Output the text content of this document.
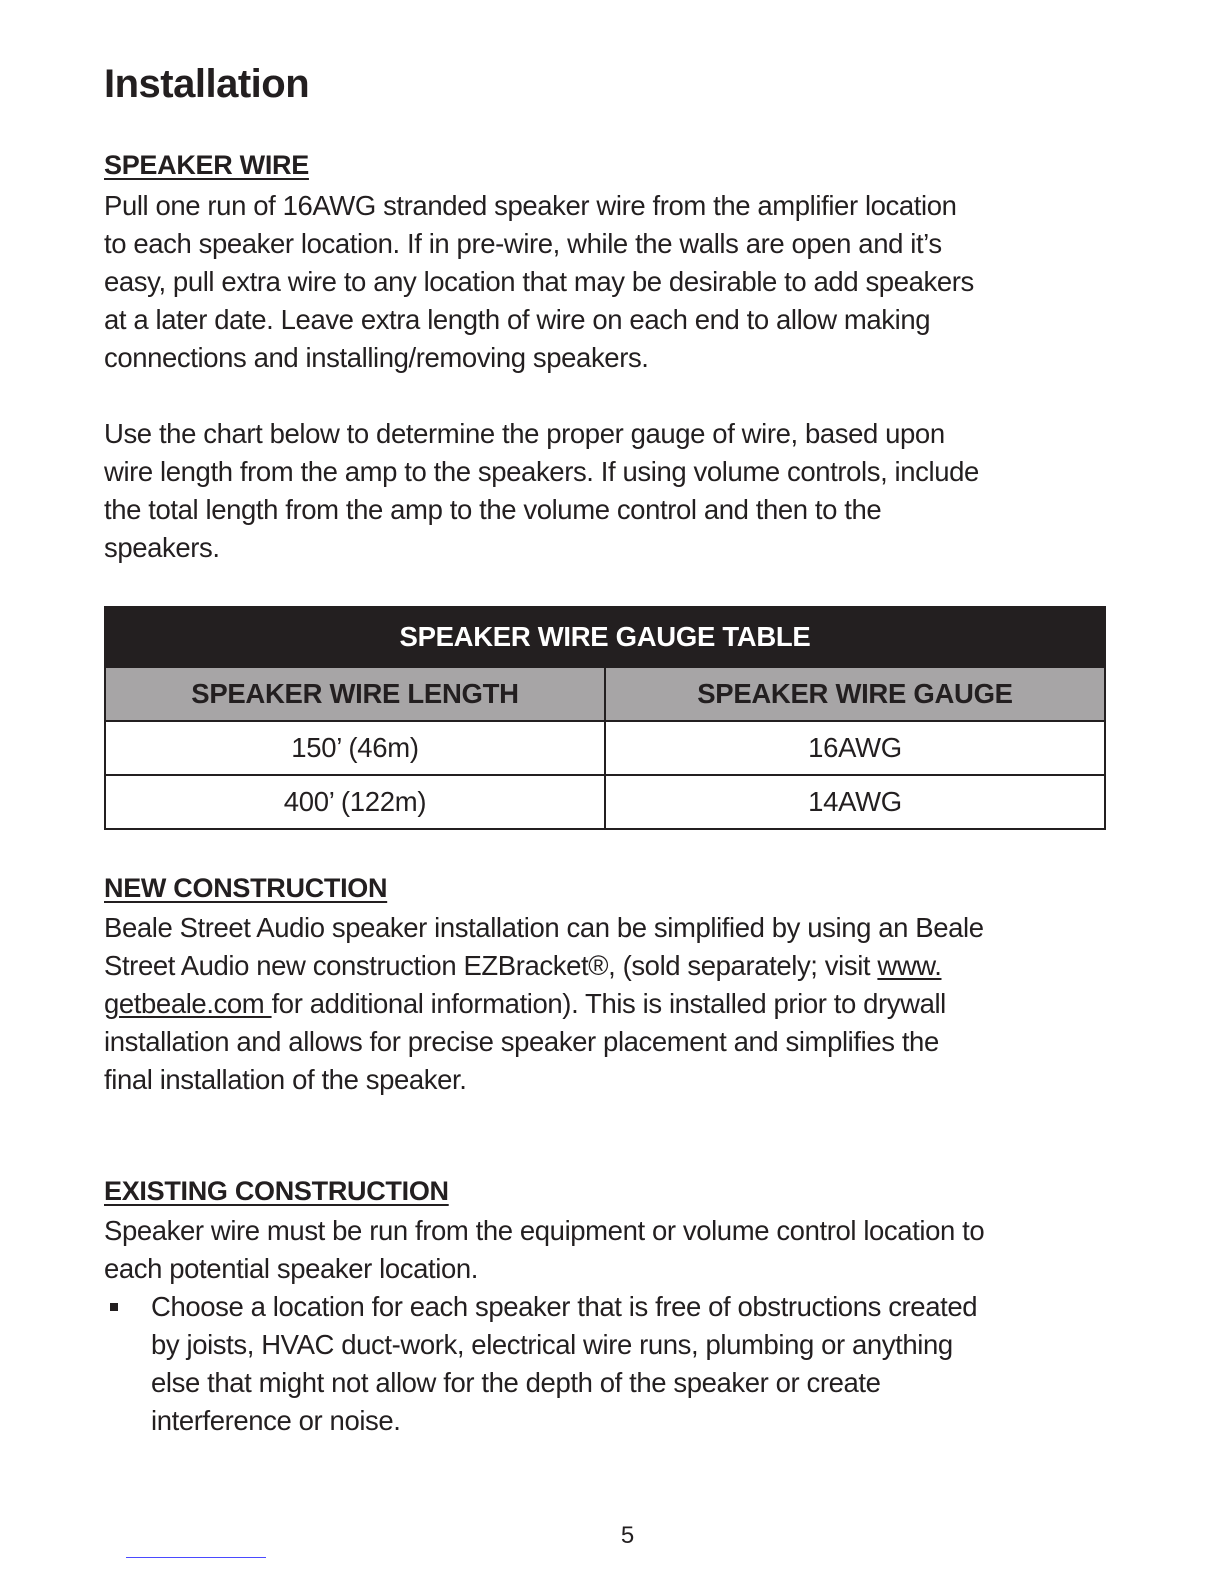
Installation
SPEAKER WIRE

Pull one run of 16AWG stranded speaker wire from the amplifier location
to each speaker location. If in pre-wire, while the walls are open and it’s
easy, pull extra wire to any location that may be desirable to add speakers
at a later date. Leave extra length of wire on each end to allow making
connections and installing/removing speakers.

Use the chart below to determine the proper gauge of wire, based upon
wire length from the amp to the speakers. If using volume controls, include
the total length from the amp to the volume control and then to the
speakers.

SPEAKER WIRE GAUGE TABLE	
SPEAKER WIRE LENGTH	SPEAKER WIRE GAUGE
150’ (46m)	16AWG
400’ (122m)	14AWG
NEW CONSTRUCTION

Beale Street Audio speaker installation can be simplified by using an Beale
Street Audio new construction EZBracket®, (sold separately; visit www.
getbeale.com for additional information). This is installed prior to drywall
installation and allows for precise speaker placement and simplifies the
final installation of the speaker.

EXISTING CONSTRUCTION

Speaker wire must be run from the equipment or volume control location to
each potential speaker location.

Choose a location for each speaker that is free of obstructions created
by joists, HVAC duct-work, electrical wire runs, plumbing or anything
else that might not allow for the depth of the speaker or create
interference or noise.
5
